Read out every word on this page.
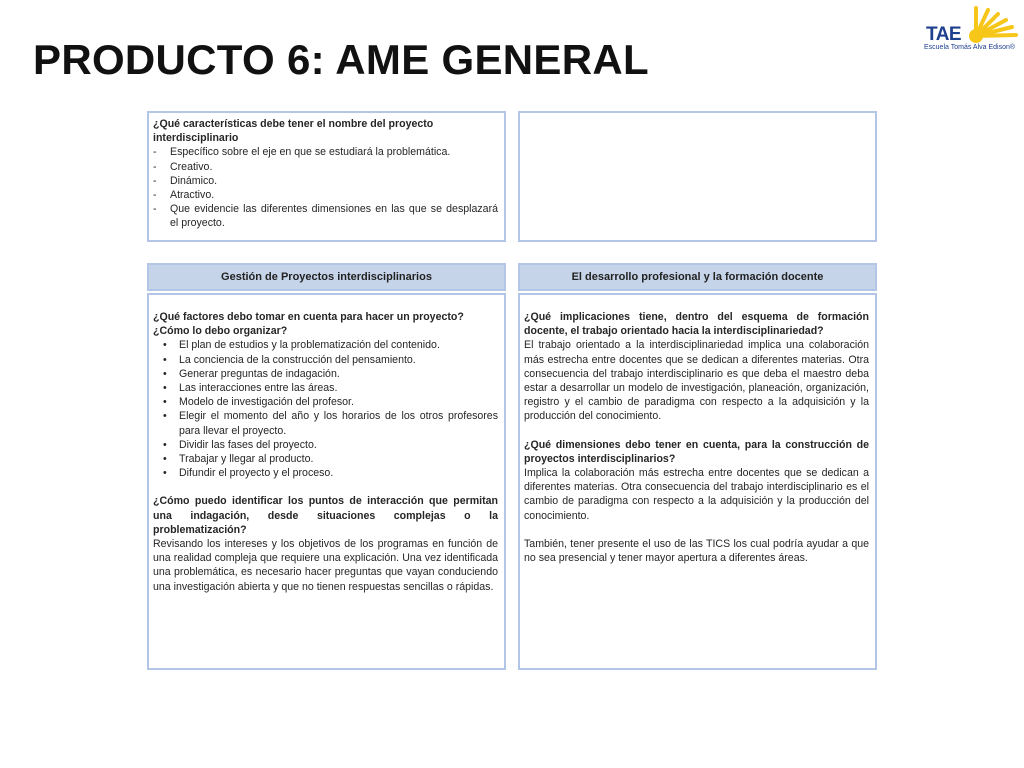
PRODUCTO 6: AME GENERAL
TAE
Escuela Tomás Alva Edison®
¿Qué características debe tener el nombre del proyecto interdisciplinario
- Específico sobre el eje en que se estudiará la problemática.
- Creativo.
- Dinámico.
- Atractivo.
- Que evidencie las diferentes dimensiones en las que se desplazará el proyecto.
Gestión de Proyectos interdisciplinarios
¿Qué factores debo tomar en cuenta para hacer un proyecto? ¿Cómo lo debo organizar?
• El plan de estudios y la problematización del contenido.
• La conciencia de la construcción del pensamiento.
• Generar preguntas de indagación.
• Las interacciones entre las áreas.
• Modelo de investigación del profesor.
• Elegir el momento del año y los horarios de los otros profesores para llevar el proyecto.
• Dividir las fases del proyecto.
• Trabajar y llegar al producto.
• Difundir el proyecto y el proceso.
¿Cómo puedo identificar los puntos de interacción que permitan una indagación, desde situaciones complejas o la problematización?
Revisando los intereses y los objetivos de los programas en función de una realidad compleja que requiere una explicación. Una vez identificada una problemática, es necesario hacer preguntas que vayan conduciendo una investigación abierta y que no tienen respuestas sencillas o rápidas.
El desarrollo profesional y la formación docente
¿Qué implicaciones tiene, dentro del esquema de formación docente, el trabajo orientado hacia la interdisciplinariedad?
El trabajo orientado a la interdisciplinariedad implica una colaboración más estrecha entre docentes que se dedican a diferentes materias. Otra consecuencia del trabajo interdisciplinario es que deba el maestro deba estar a desarrollar un modelo de investigación, planeación, organización, registro y el cambio de paradigma con respecto a la adquisición y la producción del conocimiento.
¿Qué dimensiones debo tener en cuenta, para la construcción de proyectos interdisciplinarios?
Implica la colaboración más estrecha entre docentes que se dedican a diferentes materias. Otra consecuencia del trabajo interdisciplinario es el cambio de paradigma con respecto a la adquisición y la producción del conocimiento.
También, tener presente el uso de las TICS los cual podría ayudar a que no sea presencial y tener mayor apertura a diferentes áreas.
